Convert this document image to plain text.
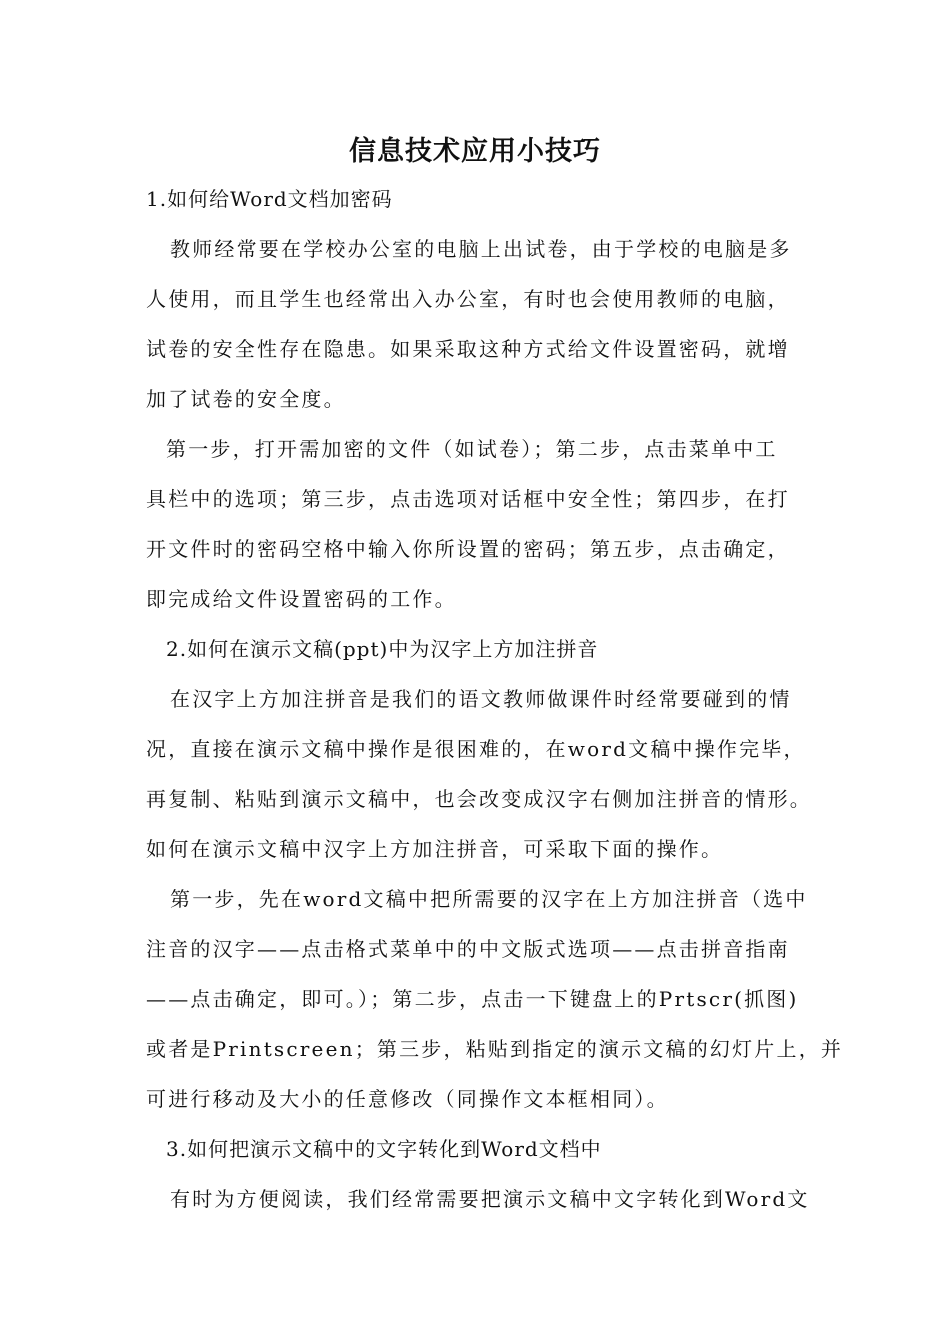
信息技术应用小技巧
1.如何给Word文档加密码
教师经常要在学校办公室的电脑上出试卷，由于学校的电脑是多
人使用，而且学生也经常出入办公室，有时也会使用教师的电脑，
试卷的安全性存在隐患。如果采取这种方式给文件设置密码，就增
加了试卷的安全度。
第一步，打开需加密的文件（如试卷）；第二步，点击菜单中工
具栏中的选项；第三步，点击选项对话框中安全性；第四步，在打
开文件时的密码空格中输入你所设置的密码；第五步，点击确定，
即完成给文件设置密码的工作。
2.如何在演示文稿(ppt)中为汉字上方加注拼音
在汉字上方加注拼音是我们的语文教师做课件时经常要碰到的情
况，直接在演示文稿中操作是很困难的，在word文稿中操作完毕，
再复制、粘贴到演示文稿中，也会改变成汉字右侧加注拼音的情形。
如何在演示文稿中汉字上方加注拼音，可采取下面的操作。
第一步，先在word文稿中把所需要的汉字在上方加注拼音（选中
注音的汉字——点击格式菜单中的中文版式选项——点击拼音指南
——点击确定，即可。）；第二步，点击一下键盘上的Prtscr(抓图)
或者是Printscreen；第三步，粘贴到指定的演示文稿的幻灯片上，并
可进行移动及大小的任意修改（同操作文本框相同）。
3.如何把演示文稿中的文字转化到Word文档中
有时为方便阅读，我们经常需要把演示文稿中文字转化到Word文
